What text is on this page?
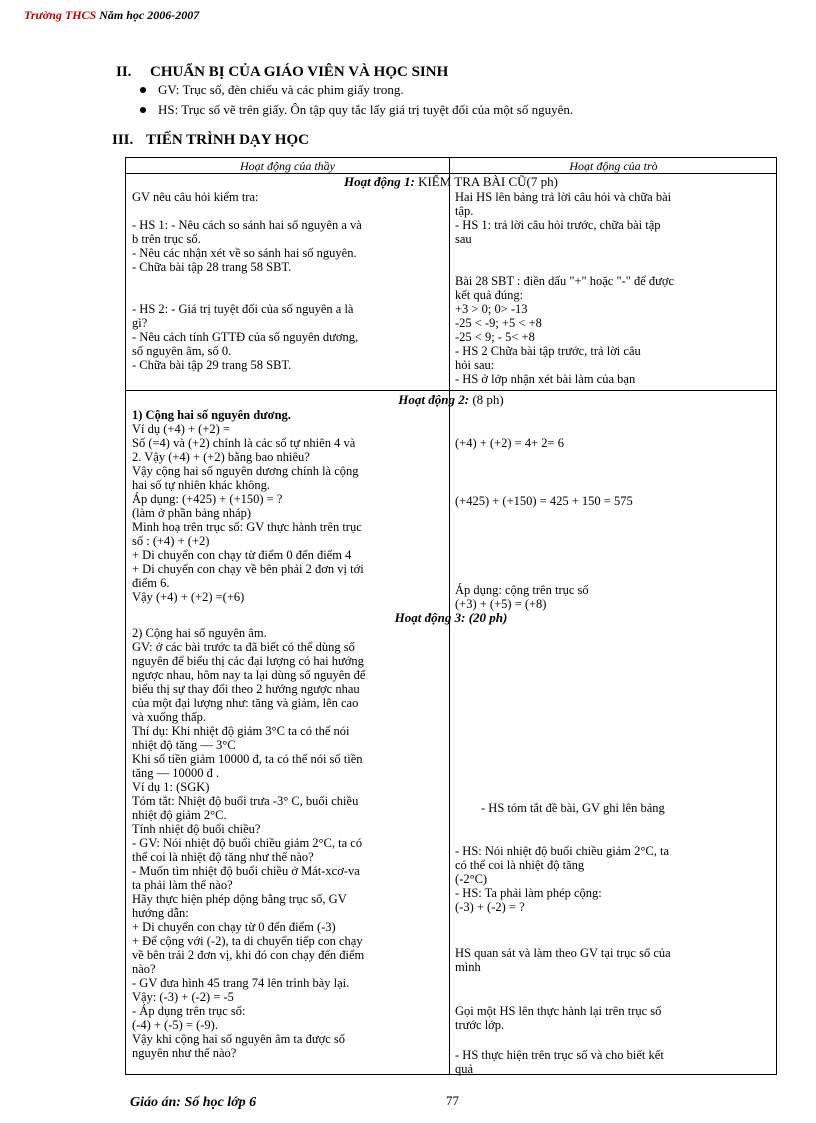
Trường THCS Năm học 2006-2007
II. CHUẨN BỊ CỦA GIÁO VIÊN VÀ HỌC SINH
GV: Trục số, đèn chiếu và các phim giấy trong.
HS: Trục số vẽ trên giấy. Ôn tập quy tắc lấy giá trị tuyệt đối của một số nguyên.
III. TIẾN TRÌNH DẠY HỌC
Hoạt động của thầy	Hoạt động của trò
Hoạt động 1: KIỂM TRA BÀI CŨ(7 ph)
GV nêu câu hỏi kiểm tra:

- HS 1: - Nêu cách so sánh hai số nguyên a và
b trên trục số.
- Nêu các nhận xét về so sánh hai số nguyên.
- Chữa bài tập 28 trang 58 SBT.

- HS 2: - Giá trị tuyệt đối của số nguyên a là
gì?
- Nêu cách tính GTTĐ của số nguyên dương,
số nguyên âm, số 0.
- Chữa bài tập 29 trang 58 SBT.
Hai HS lên bảng trả lời câu hỏi và chữa bài
tập.
- HS 1: trả lời câu hỏi trước, chữa bài tập
sau

Bài 28 SBT : điền dấu "+" hoặc "-" để được
kết quả đúng:
+3 > 0; 0> -13
-25 < -9; +5 < +8
-25 < 9; - 5< +8
- HS 2 Chữa bài tập trước, trả lời câu
hỏi sau:
- HS ở lớp nhận xét bài làm của bạn
Hoạt động 2: (8 ph)
1) Cộng hai số nguyên dương.
Ví dụ (+4) + (+2) =
Số (=4) và (+2) chính là các số tự nhiên 4 và
2. Vậy (+4) + (+2) bằng bao nhiêu?
Vậy cộng hai số nguyên dương chính là cộng
hai số tự nhiên khác không.
Áp dụng: (+425) + (+150) = ?
(làm ở phần bảng nháp)
Minh hoạ trên trục số: GV thực hành trên trục
số : (+4) + (+2)
+ Di chuyển con chạy từ điểm 0 đến điểm 4
+ Di chuyển con chạy về bên phải 2 đơn vị tới
điểm 6.
Vậy (+4) + (+2) =(+6)
(+4) + (+2) = 4+ 2= 6
(+425) + (+150) = 425 + 150 = 575
Áp dụng: cộng trên trục số
(+3) + (+5) = (+8)
Hoạt động 3: (20 ph)
2) Cộng hai số nguyên âm.
GV: ở các bài trước ta đã biết có thể dùng số
nguyên để biểu thị các đại lượng có hai hướng
ngược nhau, hôm nay ta lại dùng số nguyên để
biểu thị sự thay đổi theo 2 hướng ngược nhau
của một đại lượng như: tăng và giảm, lên cao
và xuống thấp.
Thí dụ: Khi nhiệt độ giảm 3°C ta có thể nói
nhiệt độ tăng — 3°C
Khi số tiền giảm 10000 đ, ta có thể nói số tiền
tăng — 10000 đ .
Ví dụ 1: (SGK)
Tóm tắt: Nhiệt độ buổi trưa -3° C, buổi chiều
nhiệt độ giảm 2°C.
Tính nhiệt độ buổi chiều?
- GV: Nói nhiệt độ buổi chiều giảm 2°C, ta có
thể coi là nhiệt độ tăng như thế nào?
- Muốn tìm nhiệt độ buổi chiều ở Mát-xcơ-va
ta phải làm thế nào?
Hãy thực hiện phép dộng bằng trục số, GV
hướng dẫn:
+ Di chuyển con chạy từ 0 đến điểm (-3)
+ Để cộng với (-2), ta di chuyển tiếp con chạy
về bên trái 2 đơn vị, khi đó con chạy đến điểm
nào?
- GV đưa hình 45 trang 74 lên trình bày lại.
Vậy: (-3) + (-2) = -5
- Áp dụng trên trục số:
(-4) + (-5) = (-9).
Vậy khi cộng hai số nguyên âm ta được số
nguyên như thế nào?
- HS tóm tắt đề bài, GV ghi lên bảng
- HS: Nói nhiệt độ buổi chiều giảm 2°C, ta
có thể coi là nhiệt độ tăng
(-2°C)
- HS: Ta phải làm phép cộng:
(-3) + (-2) = ?
HS quan sát và làm theo GV tại trục số của
mình
Gọi một HS lên thực hành lại trên trục số
trước lớp.
- HS thực hiện trên trục số và cho biết kết
quả
Giáo án: Số học lớp 6	77
